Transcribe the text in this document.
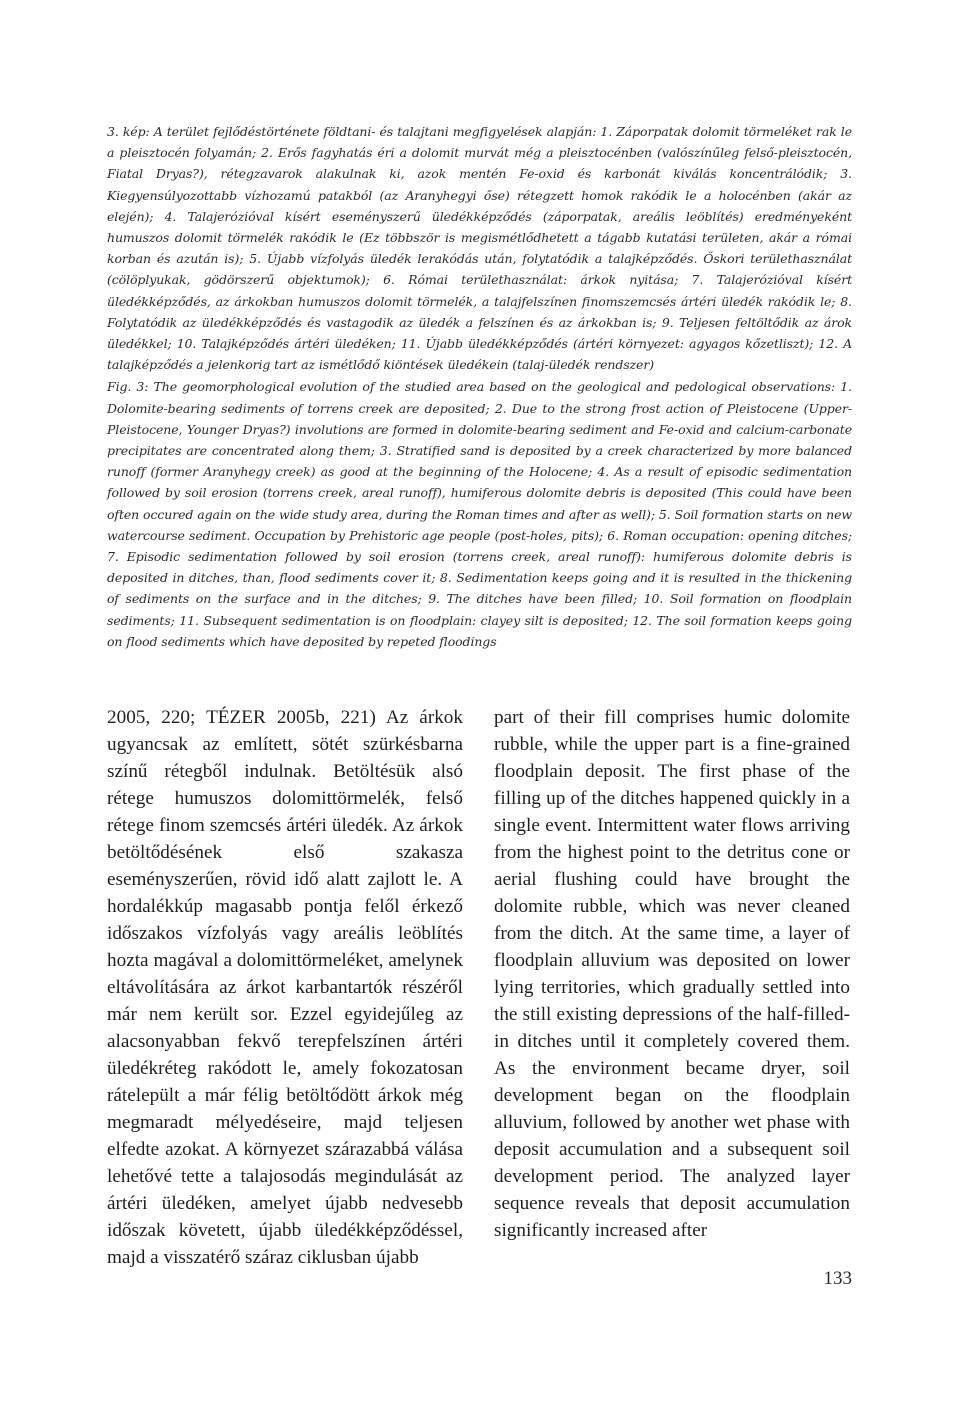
3. kép: A terület fejlődéstörténete földtani- és talajtani megfigyelések alapján: 1. Záporpatak dolomit törmeléket rak le a pleisztocén folyamán; 2. Erős fagyhatás éri a dolomit murvát még a pleisztocénben (valószínűleg felső-pleisztocén, Fiatal Dryas?), rétegzavarok alakulnak ki, azok mentén Fe-oxid és karbonát kiválás koncentrálódik; 3. Kiegyensúlyozottabb vízhozamú patakból (az Aranyhegyi őse) rétegzett homok rakódik le a holocénben (akár az elején); 4. Talajerózióval kísért eseményszerű üledékképződés (záporpatak, areális leöblítés) eredményeként humuszos dolomit törmelék rakódik le (Ez többször is megismétlődhetett a tágabb kutatási területen, akár a római korban és azután is); 5. Újabb vízfolyás üledék lerakódás után, folytatódik a talajképződés. Őskori területhasználat (cölöplyukak, gödörszerű objektumok); 6. Római területhasználat: árkok nyitása; 7. Talajerózióval kísért üledékképződés, az árkokban humuszos dolomit törmelék, a talajfelszínen finomszemcsés ártéri üledék rakódik le; 8. Folytatódik az üledékképződés és vastagodik az üledék a felszínen és az árkokban is; 9. Teljesen feltöltődik az árok üledékkel; 10. Talajképződés ártéri üledéken; 11. Újabb üledékképződés (ártéri környezet: agyagos kőzetliszt); 12. A talajképződés a jelenkorig tart az ismétlődő kiöntések üledékein (talaj-üledék rendszer)

Fig. 3: The geomorphological evolution of the studied area based on the geological and pedological observations: 1. Dolomite-bearing sediments of torrens creek are deposited; 2. Due to the strong frost action of Pleistocene (Upper-Pleistocene, Younger Dryas?) involutions are formed in dolomite-bearing sediment and Fe-oxid and calcium-carbonate precipitates are concentrated along them; 3. Stratified sand is deposited by a creek characterized by more balanced runoff (former Aranyhegy creek) as good at the beginning of the Holocene; 4. As a result of episodic sedimentation followed by soil erosion (torrens creek, areal runoff), humiferous dolomite debris is deposited (This could have been often occured again on the wide study area, during the Roman times and after as well); 5. Soil formation starts on new watercourse sediment. Occupation by Prehistoric age people (post-holes, pits); 6. Roman occupation: opening ditches; 7. Episodic sedimentation followed by soil erosion (torrens creek, areal runoff): humiferous dolomite debris is deposited in ditches, than, flood sediments cover it; 8. Sedimentation keeps going and it is resulted in the thickening of sediments on the surface and in the ditches; 9. The ditches have been filled; 10. Soil formation on floodplain sediments; 11. Subsequent sedimentation is on floodplain: clayey silt is deposited; 12. The soil formation keeps going on flood sediments which have deposited by repeted floodings

2005, 220; TÉZER 2005b, 221) Az árkok ugyancsak az említett, sötét szürkésbarna színű rétegből indulnak. Betöltésük alsó rétege humuszos dolomittörmelék, felső rétege finom szemcsés ártéri üledék. Az árkok betöltődésének első szakasza eseményszerűen, rövid idő alatt zajlott le. A hordalékkúp magasabb pontja felől érkező időszakos vízfolyás vagy areális leöblítés hozta magával a dolomittörmeléket, amelynek eltávolítására az árkot karbantartók részéről már nem került sor. Ezzel egyidejűleg az alacsonyabban fekvő terepfelszínen ártéri üledékréteg rakódott le, amely fokozatosan rátelepült a már félig betöltődött árkok még megmaradt mélyedéseire, majd teljesen elfedte azokat. A környezet szárazabbá válása lehetővé tette a talajosodás megindulását az ártéri üledéken, amelyet újabb nedvesebb időszak követett, újabb üledékképződéssel, majd a visszatérő száraz ciklusban újabb

part of their fill comprises humic dolomite rubble, while the upper part is a fine-grained floodplain deposit. The first phase of the filling up of the ditches happened quickly in a single event. Intermittent water flows arriving from the highest point to the detritus cone or aerial flushing could have brought the dolomite rubble, which was never cleaned from the ditch. At the same time, a layer of floodplain alluvium was deposited on lower lying territories, which gradually settled into the still existing depressions of the half-filled-in ditches until it completely covered them. As the environment became dryer, soil development began on the floodplain alluvium, followed by another wet phase with deposit accumulation and a subsequent soil development period. The analyzed layer sequence reveals that deposit accumulation significantly increased after

133
